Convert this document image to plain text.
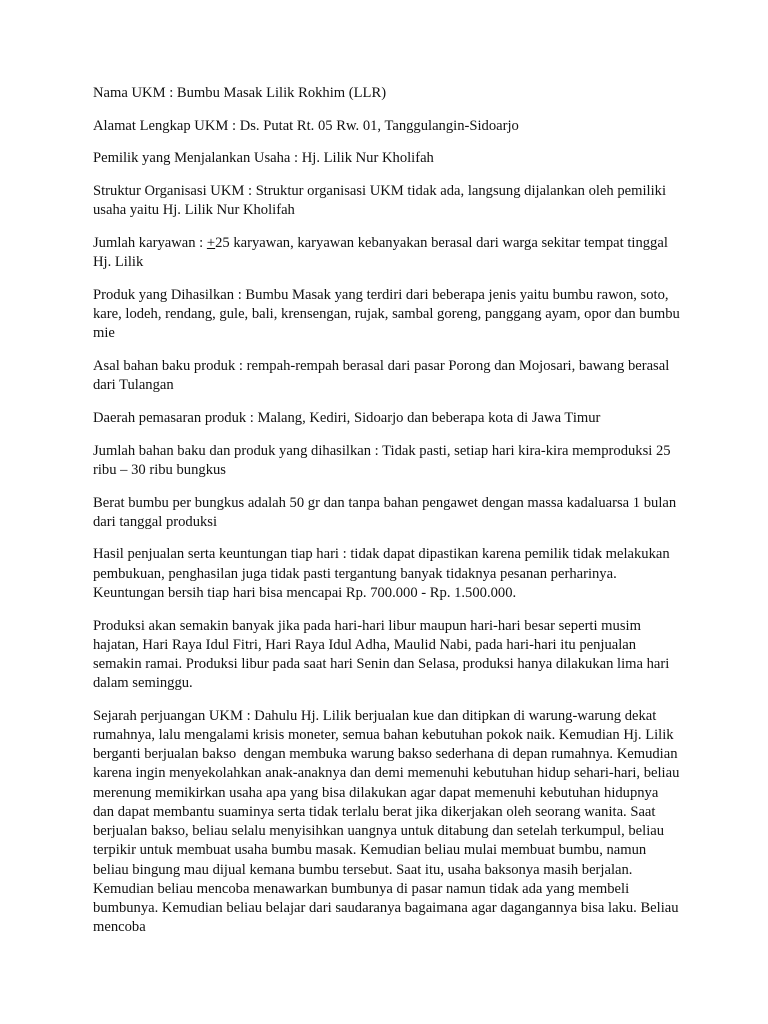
Nama UKM : Bumbu Masak Lilik Rokhim (LLR)

Alamat Lengkap UKM : Ds. Putat Rt. 05 Rw. 01, Tanggulangin-Sidoarjo

Pemilik yang Menjalankan Usaha : Hj. Lilik Nur Kholifah

Struktur Organisasi UKM : Struktur organisasi UKM tidak ada, langsung dijalankan oleh pemiliki usaha yaitu Hj. Lilik Nur Kholifah

Jumlah karyawan : +25 karyawan, karyawan kebanyakan berasal dari warga sekitar tempat tinggal Hj. Lilik

Produk yang Dihasilkan : Bumbu Masak yang terdiri dari beberapa jenis yaitu bumbu rawon, soto, kare, lodeh, rendang, gule, bali, krensengan, rujak, sambal goreng, panggang ayam, opor dan bumbu mie

Asal bahan baku produk : rempah-rempah berasal dari pasar Porong dan Mojosari, bawang berasal dari Tulangan

Daerah pemasaran produk : Malang, Kediri, Sidoarjo dan beberapa kota di Jawa Timur

Jumlah bahan baku dan produk yang dihasilkan : Tidak pasti, setiap hari kira-kira memproduksi 25 ribu – 30 ribu bungkus

Berat bumbu per bungkus adalah 50 gr dan tanpa bahan pengawet dengan massa kadaluarsa 1 bulan dari tanggal produksi

Hasil penjualan serta keuntungan tiap hari : tidak dapat dipastikan karena pemilik tidak melakukan pembukuan, penghasilan juga tidak pasti tergantung banyak tidaknya pesanan perharinya. Keuntungan bersih tiap hari bisa mencapai Rp. 700.000 - Rp. 1.500.000.

Produksi akan semakin banyak jika pada hari-hari libur maupun hari-hari besar seperti musim hajatan, Hari Raya Idul Fitri, Hari Raya Idul Adha, Maulid Nabi, pada hari-hari itu penjualan semakin ramai. Produksi libur pada saat hari Senin dan Selasa, produksi hanya dilakukan lima hari dalam seminggu.

Sejarah perjuangan UKM : Dahulu Hj. Lilik berjualan kue dan ditipkan di warung-warung dekat rumahnya, lalu mengalami krisis moneter, semua bahan kebutuhan pokok naik. Kemudian Hj. Lilik berganti berjualan bakso  dengan membuka warung bakso sederhana di depan rumahnya. Kemudian karena ingin menyekolahkan anak-anaknya dan demi memenuhi kebutuhan hidup sehari-hari, beliau merenung memikirkan usaha apa yang bisa dilakukan agar dapat memenuhi kebutuhan hidupnya dan dapat membantu suaminya serta tidak terlalu berat jika dikerjakan oleh seorang wanita. Saat berjualan bakso, beliau selalu menyisihkan uangnya untuk ditabung dan setelah terkumpul, beliau terpikir untuk membuat usaha bumbu masak. Kemudian beliau mulai membuat bumbu, namun beliau bingung mau dijual kemana bumbu tersebut. Saat itu, usaha baksonya masih berjalan. Kemudian beliau mencoba menawarkan bumbunya di pasar namun tidak ada yang membeli bumbunya. Kemudian beliau belajar dari saudaranya bagaimana agar dagangannya bisa laku. Beliau mencoba
